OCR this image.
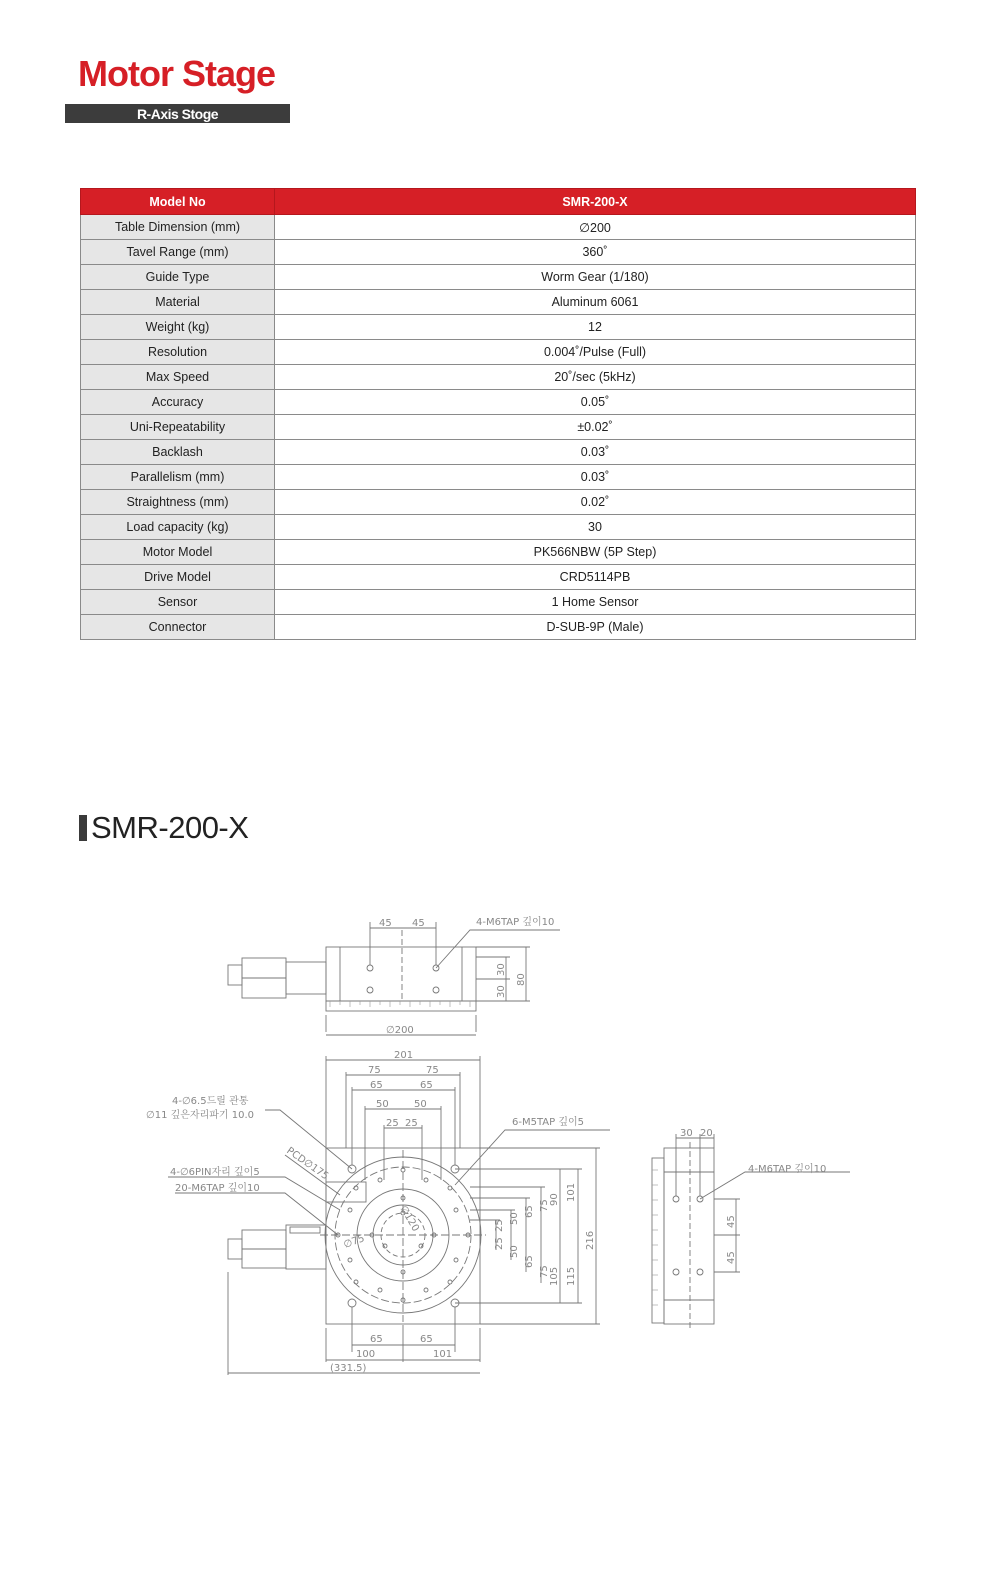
Motor Stage
R-Axis Stoge
Model No	SMR-200-X
Table Dimension (mm)	∅200
Tavel Range (mm)	360˚
Guide Type	Worm Gear (1/180)
Material	Aluminum 6061
Weight (kg)	12
Resolution	0.004˚/Pulse (Full)
Max Speed	20˚/sec (5kHz)
Accuracy	0.05˚
Uni-Repeatability	±0.02˚
Backlash	0.03˚
Parallelism (mm)	0.03˚
Straightness (mm)	0.02˚
Load capacity (kg)	30
Motor Model	PK566NBW (5P Step)
Drive Model	CRD5114PB
Sensor	1 Home Sensor
Connector	D-SUB-9P (Male)
SMR-200-X
45 45	4-M6TAP 깊이10
30
30
80
∅200
201
75	75
65	65
50	50
25 25
4-∅6.5드릴 관통
∅11 깊은자리파기 10.0
4-∅6PIN자리 깊이5
20-M6TAP 깊이10
6-M5TAP 깊이5
PCD∅175
∅120
∅75
25
25
50
50
65
65
75
75
90
105
101
115
216
65	65
100	101
(331.5)
30 20
4-M6TAP 깊이10
45
45
